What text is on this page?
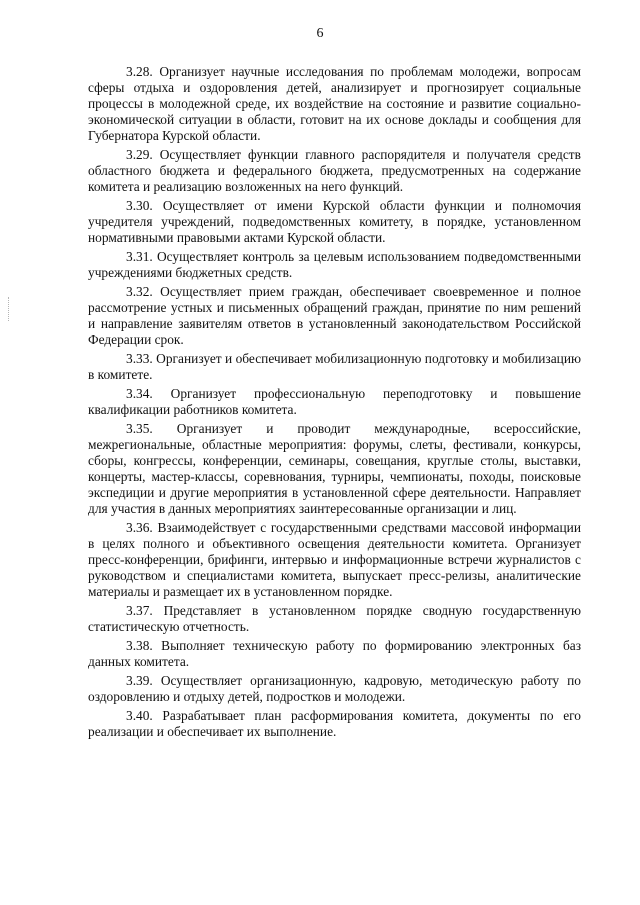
6

3.28. Организует научные исследования по проблемам молодежи, вопросам сферы отдыха и оздоровления детей, анализирует и прогнозирует социальные процессы в молодежной среде, их воздействие на состояние и развитие социально-экономической ситуации в области, готовит на их основе доклады и сообщения для Губернатора Курской области.

3.29. Осуществляет функции главного распорядителя и получателя средств областного бюджета и федерального бюджета, предусмотренных на содержание комитета и реализацию возложенных на него функций.

3.30. Осуществляет от имени Курской области функции и полномочия учредителя учреждений, подведомственных комитету, в порядке, установленном нормативными правовыми актами Курской области.

3.31. Осуществляет контроль за целевым использованием подведомственными учреждениями бюджетных средств.

3.32. Осуществляет прием граждан, обеспечивает своевременное и полное рассмотрение устных и письменных обращений граждан, принятие по ним решений и направление заявителям ответов в установленный законодательством Российской Федерации срок.

3.33. Организует и обеспечивает мобилизационную подготовку и мобилизацию в комитете.

3.34. Организует профессиональную переподготовку и повышение квалификации работников комитета.

3.35. Организует и проводит международные, всероссийские, межрегиональные, областные мероприятия: форумы, слеты, фестивали, конкурсы, сборы, конгрессы, конференции, семинары, совещания, круглые столы, выставки, концерты, мастер-классы, соревнования, турниры, чемпионаты, походы, поисковые экспедиции и другие мероприятия в установленной сфере деятельности. Направляет для участия в данных мероприятиях заинтересованные организации и лиц.

3.36. Взаимодействует с государственными средствами массовой информации в целях полного и объективного освещения деятельности комитета. Организует пресс-конференции, брифинги, интервью и информационные встречи журналистов с руководством и специалистами комитета, выпускает пресс-релизы, аналитические материалы и размещает их в установленном порядке.

3.37. Представляет в установленном порядке сводную государственную статистическую отчетность.

3.38. Выполняет техническую работу по формированию электронных баз данных комитета.

3.39. Осуществляет организационную, кадровую, методическую работу по оздоровлению и отдыху детей, подростков и молодежи.

3.40. Разрабатывает план расформирования комитета, документы по его реализации и обеспечивает их выполнение.
